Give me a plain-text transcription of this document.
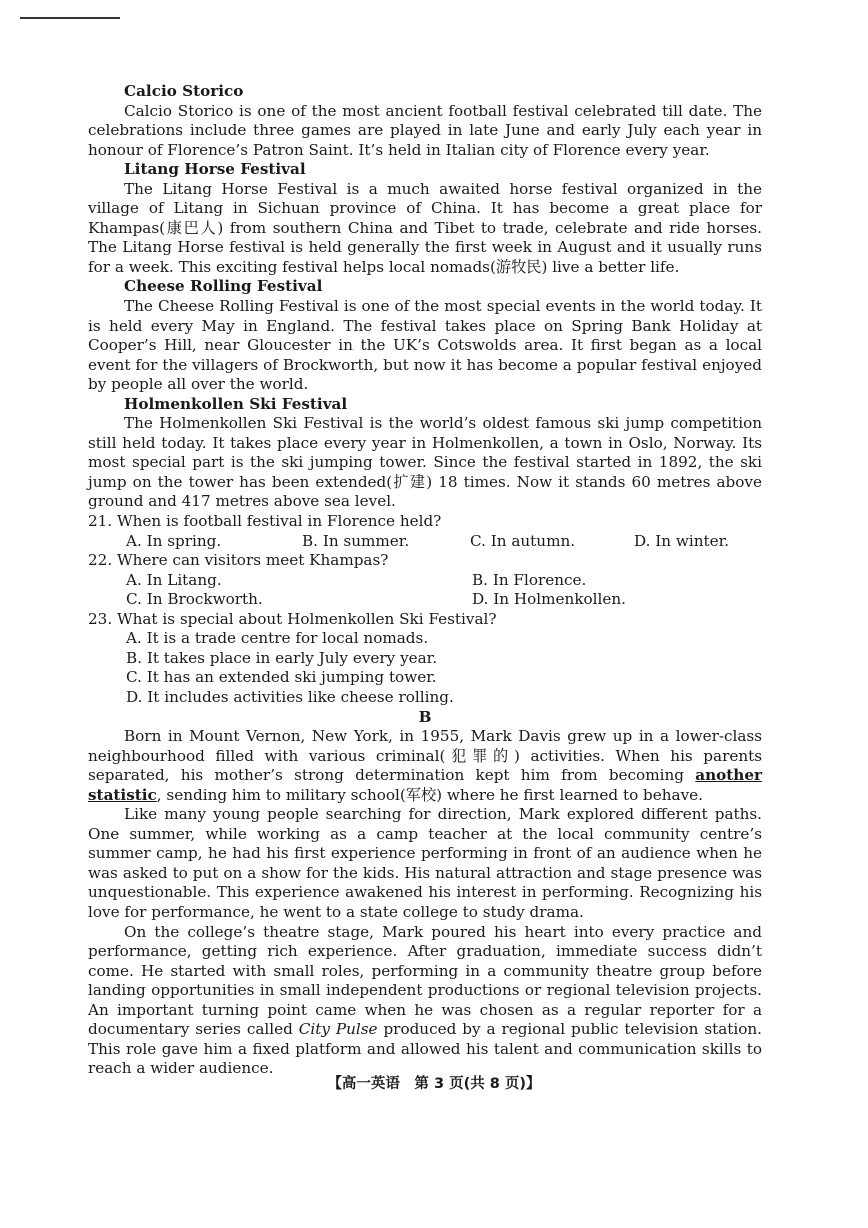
Calcio Storico

Calcio Storico is one of the most ancient football festival celebrated till date. The celebrations include three games are played in late June and early July each year in honour of Florence’s Patron Saint. It’s held in Italian city of Florence every year.

Litang Horse Festival

The Litang Horse Festival is a much awaited horse festival organized in the village of Litang in Sichuan province of China. It has become a great place for Khampas(康巴人) from southern China and Tibet to trade, celebrate and ride horses. The Litang Horse festival is held generally the first week in August and it usually runs for a week. This exciting festival helps local nomads(游牧民) live a better life.

Cheese Rolling Festival

The Cheese Rolling Festival is one of the most special events in the world today. It is held every May in England. The festival takes place on Spring Bank Holiday at Cooper’s Hill, near Gloucester in the UK’s Cotswolds area. It first began as a local event for the villagers of Brockworth, but now it has become a popular festival enjoyed by people all over the world.

Holmenkollen Ski Festival

The Holmenkollen Ski Festival is the world’s oldest famous ski jump competition still held today. It takes place every year in Holmenkollen, a town in Oslo, Norway. Its most special part is the ski jumping tower. Since the festival started in 1892, the ski jump on the tower has been extended(扩建) 18 times. Now it stands 60 metres above ground and 417 metres above sea level.

21. When is football festival in Florence held?

A. In spring.	B. In summer.	C. In autumn.	D. In winter.

22. Where can visitors meet Khampas?

A. In Litang.	B. In Florence.
C. In Brockworth.	D. In Holmenkollen.

23. What is special about Holmenkollen Ski Festival?

A. It is a trade centre for local nomads.
B. It takes place in early July every year.
C. It has an extended ski jumping tower.
D. It includes activities like cheese rolling.
B

Born in Mount Vernon, New York, in 1955, Mark Davis grew up in a lower-class neighbourhood filled with various criminal(犯罪的) activities. When his parents separated, his mother’s strong determination kept him from becoming another statistic, sending him to military school(军校) where he first learned to behave.

Like many young people searching for direction, Mark explored different paths. One summer, while working as a camp teacher at the local community centre’s summer camp, he had his first experience performing in front of an audience when he was asked to put on a show for the kids. His natural attraction and stage presence was unquestionable. This experience awakened his interest in performing. Recognizing his love for performance, he went to a state college to study drama.

On the college’s theatre stage, Mark poured his heart into every practice and performance, getting rich experience. After graduation, immediate success didn’t come. He started with small roles, performing in a community theatre group before landing opportunities in small independent productions or regional television projects. An important turning point came when he was chosen as a regular reporter for a documentary series called City Pulse produced by a regional public television station. This role gave him a fixed platform and allowed his talent and communication skills to reach a wider audience.

【高一英语　第 3 页(共 8 页)】
